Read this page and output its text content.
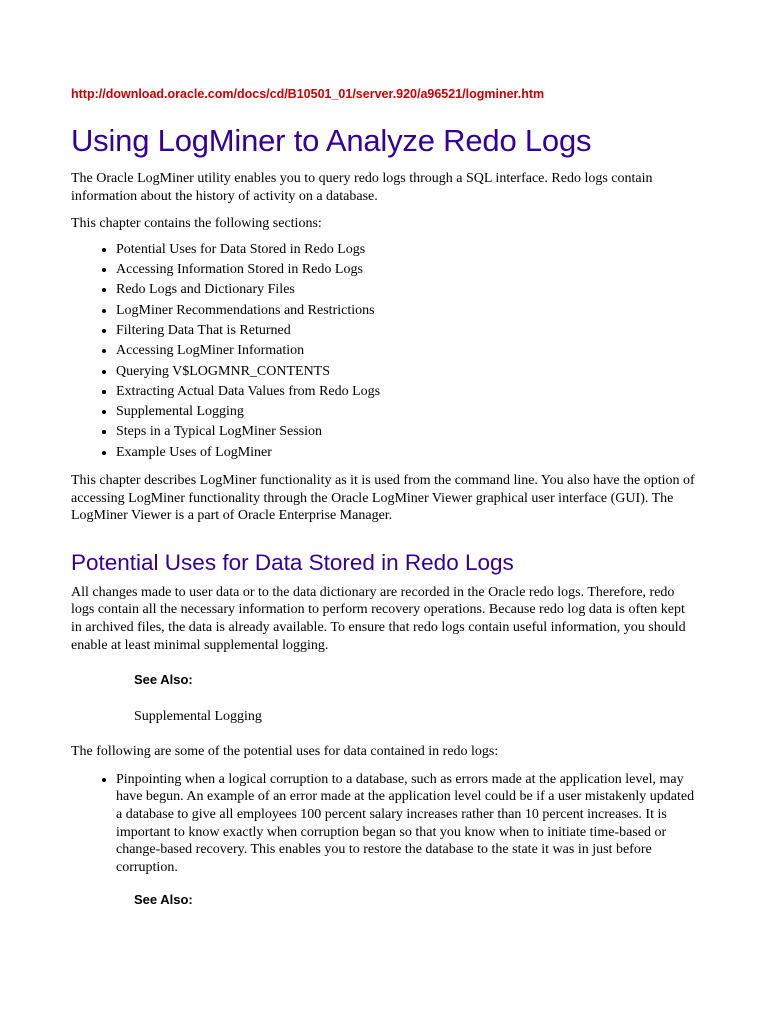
http://download.oracle.com/docs/cd/B10501_01/server.920/a96521/logminer.htm
Using LogMiner to Analyze Redo Logs

The Oracle LogMiner utility enables you to query redo logs through a SQL interface. Redo logs contain information about the history of activity on a database.

This chapter contains the following sections:

• Potential Uses for Data Stored in Redo Logs
• Accessing Information Stored in Redo Logs
• Redo Logs and Dictionary Files
• LogMiner Recommendations and Restrictions
• Filtering Data That is Returned
• Accessing LogMiner Information
• Querying V$LOGMNR_CONTENTS
• Extracting Actual Data Values from Redo Logs
• Supplemental Logging
• Steps in a Typical LogMiner Session
• Example Uses of LogMiner

This chapter describes LogMiner functionality as it is used from the command line. You also have the option of accessing LogMiner functionality through the Oracle LogMiner Viewer graphical user interface (GUI). The LogMiner Viewer is a part of Oracle Enterprise Manager.

Potential Uses for Data Stored in Redo Logs

All changes made to user data or to the data dictionary are recorded in the Oracle redo logs. Therefore, redo logs contain all the necessary information to perform recovery operations. Because redo log data is often kept in archived files, the data is already available. To ensure that redo logs contain useful information, you should enable at least minimal supplemental logging.

See Also:

Supplemental Logging

The following are some of the potential uses for data contained in redo logs:

• Pinpointing when a logical corruption to a database, such as errors made at the application level, may have begun. An example of an error made at the application level could be if a user mistakenly updated a database to give all employees 100 percent salary increases rather than 10 percent increases. It is important to know exactly when corruption began so that you know when to initiate time-based or change-based recovery. This enables you to restore the database to the state it was in just before corruption.

See Also:
